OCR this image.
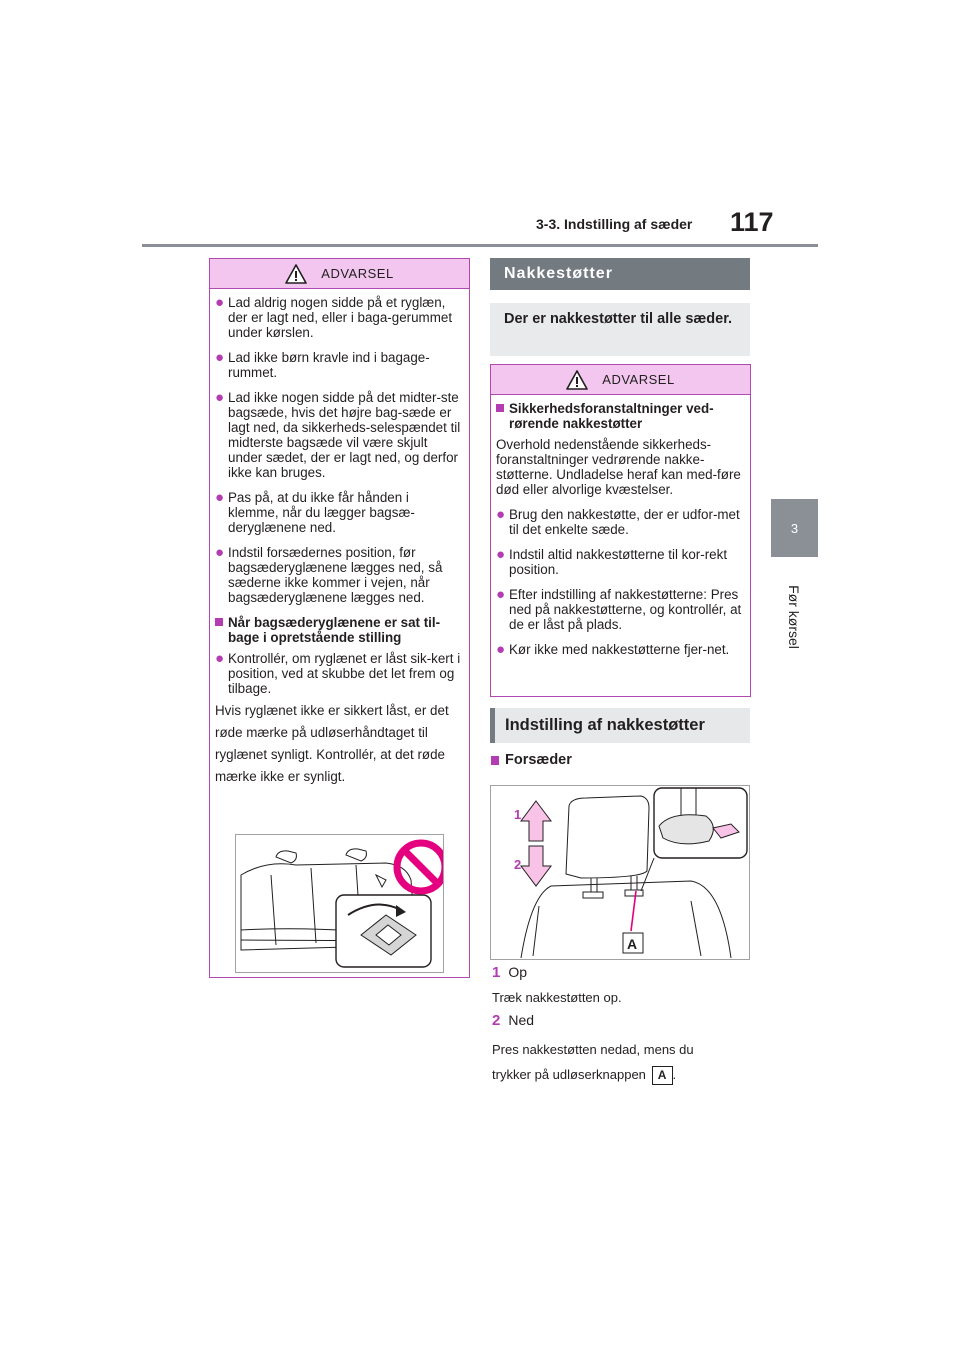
3-3. Indstilling af sæder 117
3
Før kørsel
ADVARSEL
● Lad aldrig nogen sidde på et ryglæn, der er lagt ned, eller i baga-gerummet under kørslen.
● Lad ikke børn kravle ind i bagage-rummet.
● Lad ikke nogen sidde på det midter-ste bagsæde, hvis det højre bag-sæde er lagt ned, da sikkerheds-selespændet til midterste bagsæde vil være skjult under sædet, der er lagt ned, og derfor ikke kan bruges.
● Pas på, at du ikke får hånden i klemme, når du lægger bagsæ-deryglænene ned.
● Indstil forsædernes position, før bagsæderyglænene lægges ned, så sæderne ikke kommer i vejen, når bagsæderyglænene lægges ned.
Når bagsæderyglænene er sat til-bage i opretstående stilling
● Kontrollér, om ryglænet er låst sik-kert i position, ved at skubbe det let frem og tilbage.

Hvis ryglænet ikke er sikkert låst, er det røde mærke på udløserhåndtaget til ryglænet synligt. Kontrollér, at det røde mærke ikke er synligt.

Nakkestøtter
Der er nakkestøtter til alle sæder.
ADVARSEL
Sikkerhedsforanstaltninger ved-rørende nakkestøtter

Overhold nedenstående sikkerheds-foranstaltninger vedrørende nakke-støtterne. Undladelse heraf kan med-føre død eller alvorlige kvæstelser.

● Brug den nakkestøtte, der er udfor-met til det enkelte sæde.
● Indstil altid nakkestøtterne til kor-rekt position.
● Efter indstilling af nakkestøtterne: Pres ned på nakkestøtterne, og kontrollér, at de er låst på plads.
● Kør ikke med nakkestøtterne fjer-net.
Indstilling af nakkestøtter
Forsæder
1
2
A
1 Op
Træk nakkestøtten op.
2 Ned
Pres nakkestøtten nedad, mens du
trykker på udløserknappen A .
